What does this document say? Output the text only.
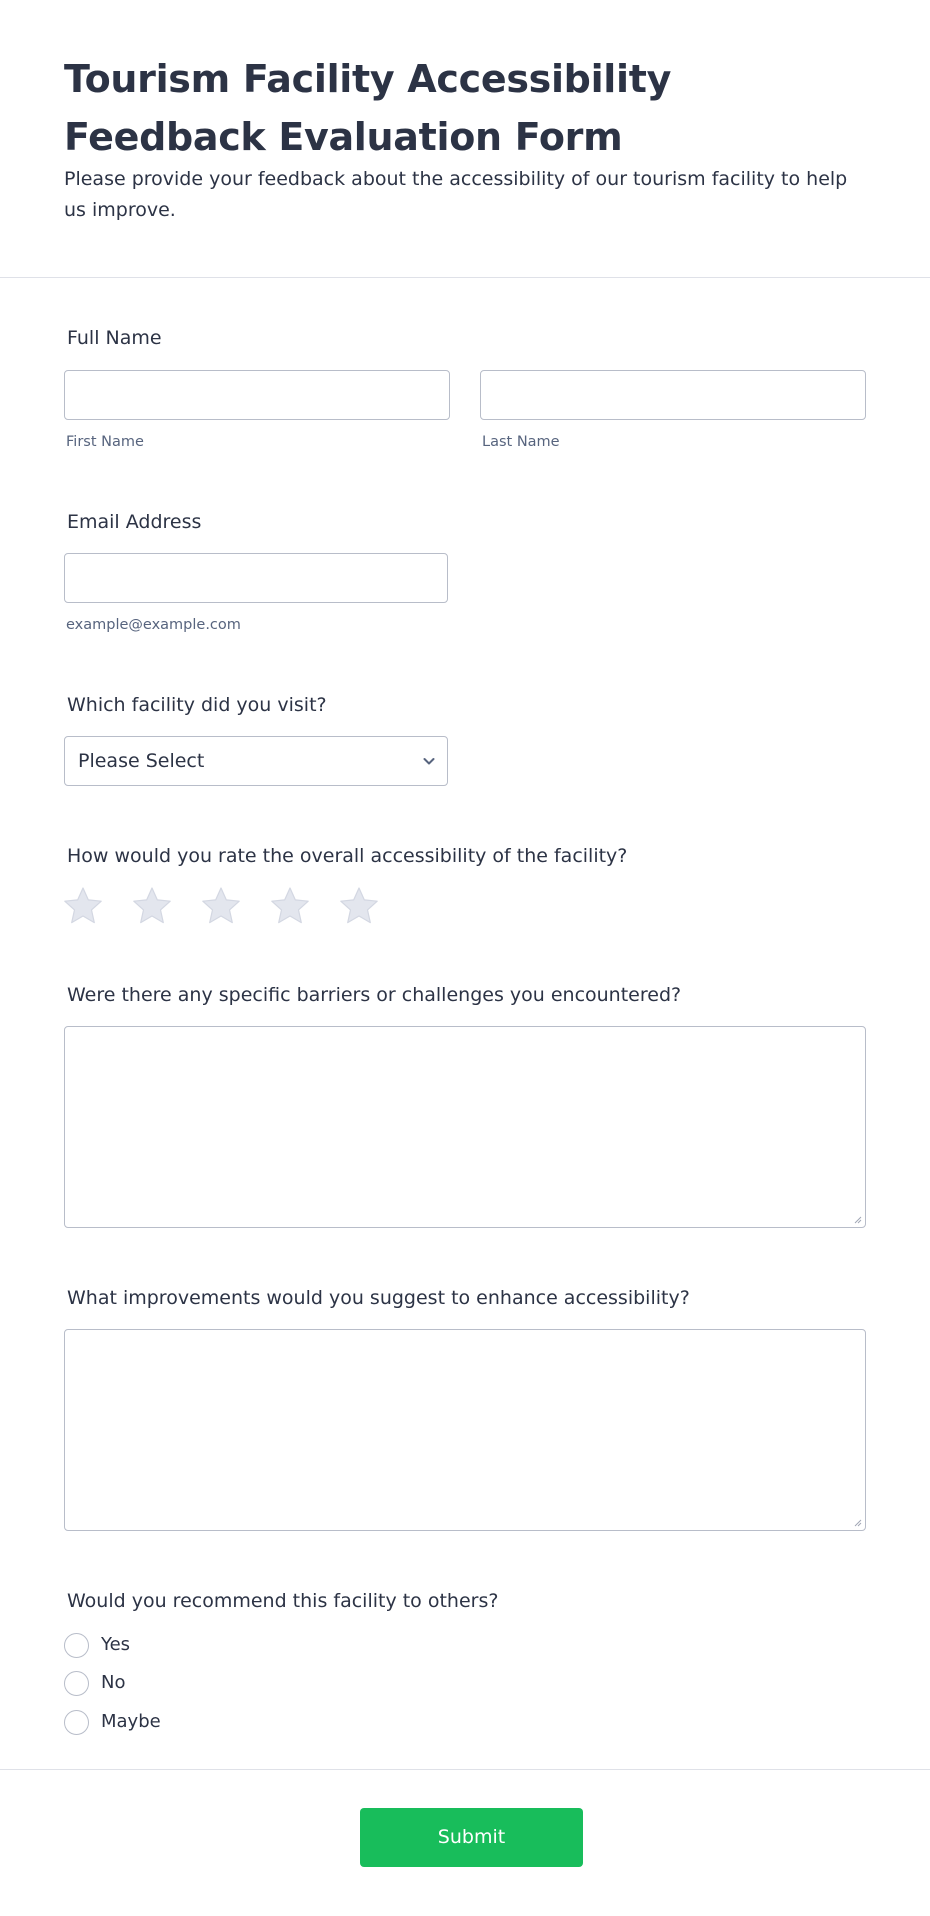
Tourism Facility Accessibility Feedback Evaluation Form

Please provide your feedback about the accessibility of our tourism facility to help us improve.

Full Name
First Name	Last Name
Email Address
example@example.com
Which facility did you visit?
Please Select
How would you rate the overall accessibility of the facility?
Were there any specific barriers or challenges you encountered?
What improvements would you suggest to enhance accessibility?
Would you recommend this facility to others?
Yes
No
Maybe
Submit
